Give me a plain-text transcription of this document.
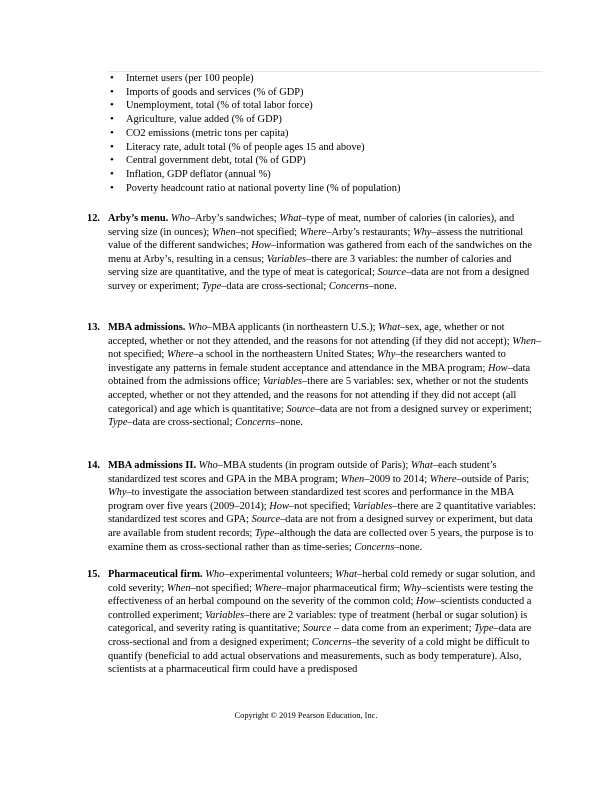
• Internet users (per 100 people)
• Imports of goods and services (% of GDP)
• Unemployment, total (% of total labor force)
• Agriculture, value added (% of GDP)
• CO2 emissions (metric tons per capita)
• Literacy rate, adult total (% of people ages 15 and above)
• Central government debt, total (% of GDP)
• Inflation, GDP deflator (annual %)
• Poverty headcount ratio at national poverty line (% of population)
12. Arby’s menu. Who–Arby’s sandwiches; What–type of meat, number of calories (in calories), and serving size (in ounces); When–not specified; Where–Arby’s restaurants; Why–assess the nutritional value of the different sandwiches; How–information was gathered from each of the sandwiches on the menu at Arby’s, resulting in a census; Variables–there are 3 variables: the number of calories and serving size are quantitative, and the type of meat is categorical; Source–data are not from a designed survey or experiment; Type–data are cross-sectional; Concerns–none.
13. MBA admissions. Who–MBA applicants (in northeastern U.S.); What–sex, age, whether or not accepted, whether or not they attended, and the reasons for not attending (if they did not accept); When–not specified; Where–a school in the northeastern United States; Why–the researchers wanted to investigate any patterns in female student acceptance and attendance in the MBA program; How–data obtained from the admissions office; Variables–there are 5 variables: sex, whether or not the students accepted, whether or not they attended, and the reasons for not attending if they did not accept (all categorical) and age which is quantitative; Source–data are not from a designed survey or experiment; Type–data are cross-sectional; Concerns–none.
14. MBA admissions II. Who–MBA students (in program outside of Paris); What–each student’s standardized test scores and GPA in the MBA program; When–2009 to 2014; Where–outside of Paris; Why–to investigate the association between standardized test scores and performance in the MBA program over five years (2009–2014); How–not specified; Variables–there are 2 quantitative variables: standardized test scores and GPA; Source–data are not from a designed survey or experiment, but data are available from student records; Type–although the data are collected over 5 years, the purpose is to examine them as cross-sectional rather than as time-series; Concerns–none.
15. Pharmaceutical firm. Who–experimental volunteers; What–herbal cold remedy or sugar solution, and cold severity; When–not specified; Where–major pharmaceutical firm; Why–scientists were testing the effectiveness of an herbal compound on the severity of the common cold; How–scientists conducted a controlled experiment; Variables–there are 2 variables: type of treatment (herbal or sugar solution) is categorical, and severity rating is quantitative; Source – data come from an experiment; Type–data are cross-sectional and from a designed experiment; Concerns–the severity of a cold might be difficult to quantify (beneficial to add actual observations and measurements, such as body temperature). Also, scientists at a pharmaceutical firm could have a predisposed
Copyright © 2019 Pearson Education, Inc.
